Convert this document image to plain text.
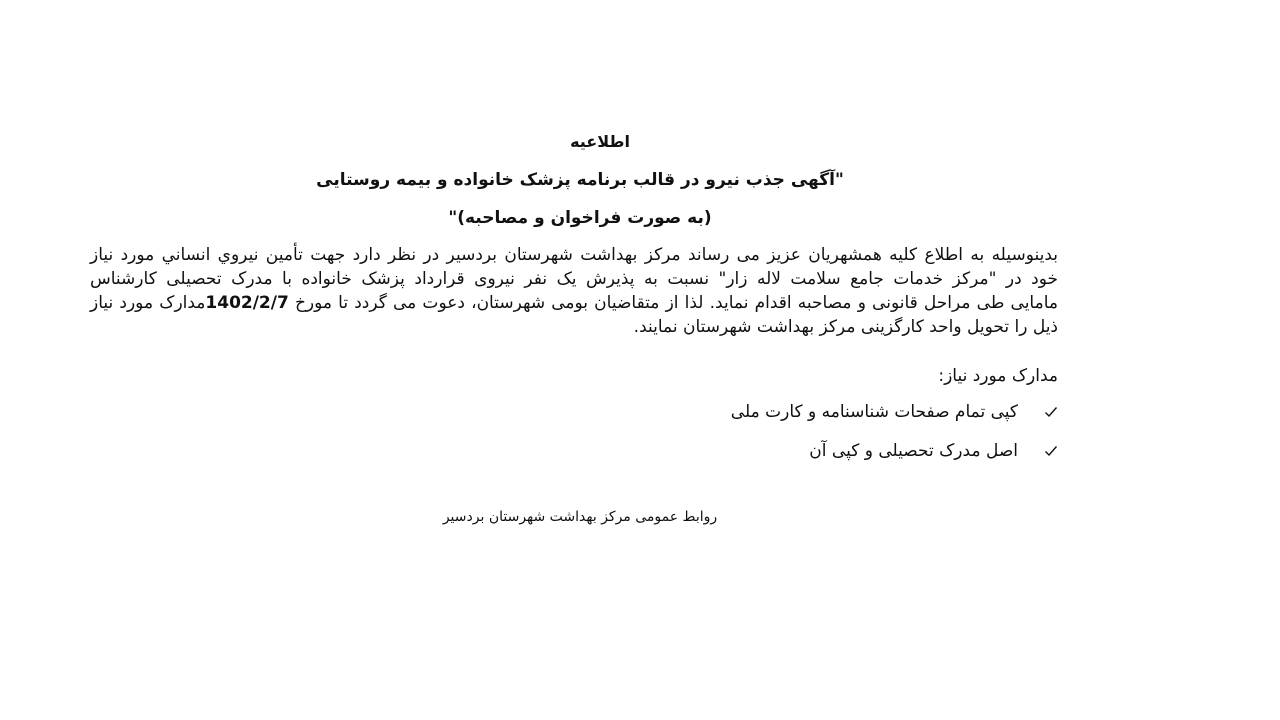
اطلاعیه
"آگهی جذب نیرو در قالب برنامه پزشک خانواده و بیمه روستایی
(به صورت فراخوان و مصاحبه)"
بدینوسیله به اطلاع کلیه همشهریان عزیز می رساند مرکز بهداشت شهرستان بردسیر در نظر دارد جهت تأمین نيروي انساني مورد نیاز
خود در "مرکز خدمات جامع سلامت لاله زار" نسبت به پذیرش یک نفر نیروی قرارداد پزشک خانواده با مدرک تحصیلی کارشناس
مامایی طی مراحل قانونی و مصاحبه اقدام نماید. لذا از متقاضیان بومی شهرستان، دعوت می گردد تا مورخ 1402/2/7مدارک مورد نیاز
ذیل را تحویل واحد کارگزینی مرکز بهداشت شهرستان نمایند.
مدارک مورد نیاز:
کپی تمام صفحات شناسنامه و کارت ملی
اصل مدرک تحصیلی و کپی آن
روابط عمومی مرکز بهداشت شهرستان بردسیر
